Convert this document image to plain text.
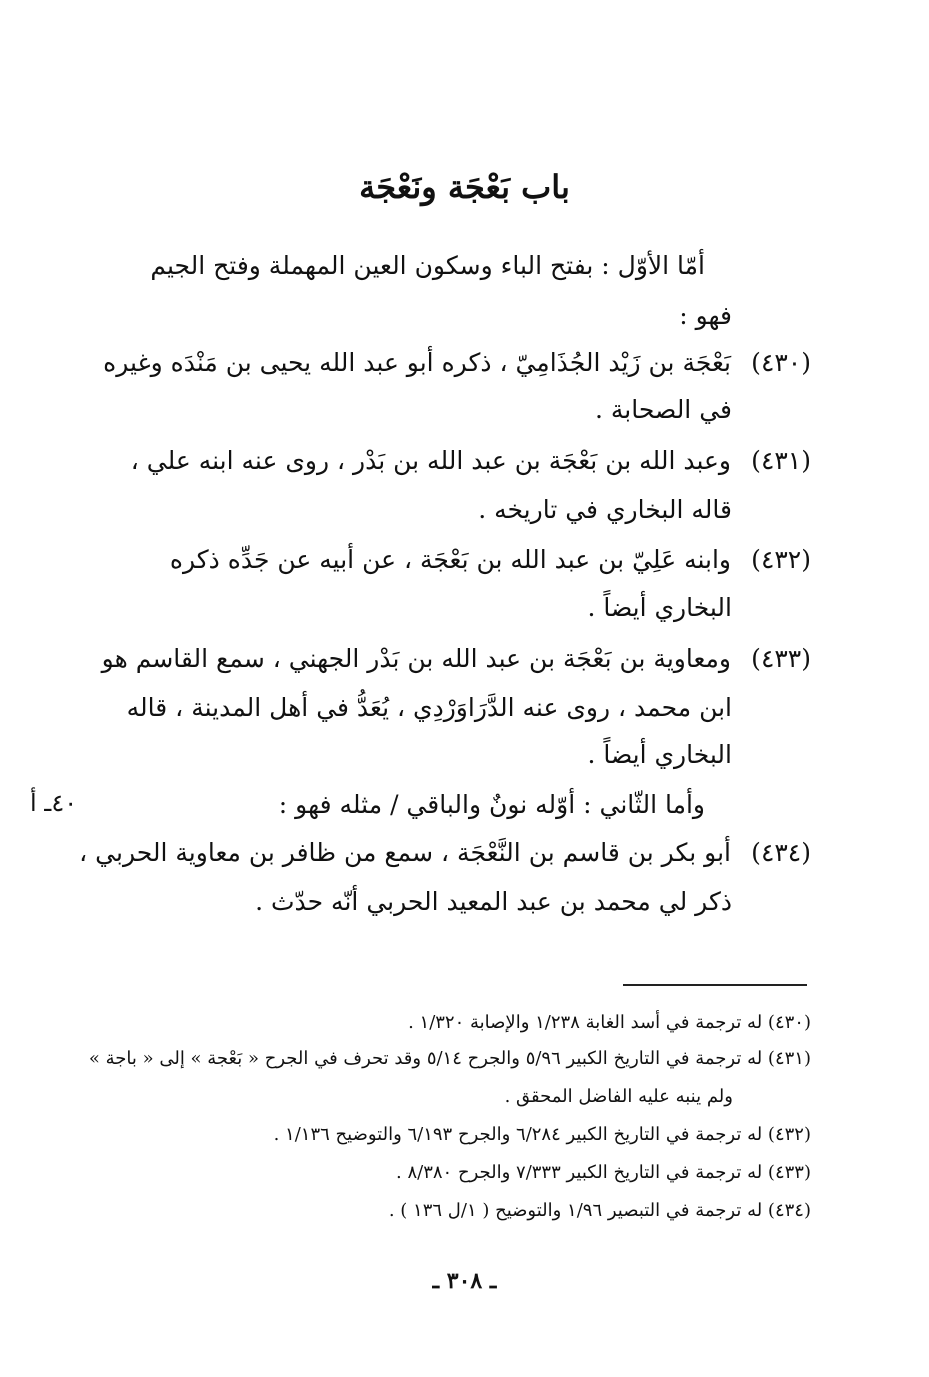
باب بَعْجَة ونَعْجَة
أمّا الأوّل : بفتح الباء وسكون العين المهملة وفتح الجيم
فهو :
(٤٣٠)
بَعْجَة بن زَيْد الجُذَامِيّ ، ذكره أبو عبد الله يحيى بن مَنْدَه وغيره
في الصحابة .
(٤٣١)
وعبد الله بن بَعْجَة بن عبد الله بن بَدْر ، روى عنه ابنه علي ،
قاله البخاري في تاريخه .
(٤٣٢)
وابنه عَلِيّ بن عبد الله بن بَعْجَة ، عن أبيه عن جَدِّه ذكره
البخاري أيضاً .
(٤٣٣)
ومعاوية بن بَعْجَة بن عبد الله بن بَدْر الجهني ، سمع القاسم هو
ابن محمد ، روى عنه الدَّرَاوَرْدِي ، يُعَدُّ في أهل المدينة ، قاله
البخاري أيضاً .
وأما الثّاني : أوّله نونٌ والباقي / مثله فهو :
٤٠ـ أ
(٤٣٤)
أبو بكر بن قاسم بن النَّعْجَة ، سمع من ظافر بن معاوية الحربي ،
ذكر لي محمد بن عبد المعيد الحربي أنّه حدّث .
(٤٣٠) له ترجمة في أسد الغابة ١/٢٣٨ والإصابة ١/٣٢٠ .
(٤٣١) له ترجمة في التاريخ الكبير ٥/٩٦ والجرح ٥/١٤ وقد تحرف في الجرح « بَعْجة » إلى « باجة »
ولم ينبه عليه الفاضل المحقق .
(٤٣٢) له ترجمة في التاريخ الكبير ٦/٢٨٤ والجرح ٦/١٩٣ والتوضيح ١/١٣٦ .
(٤٣٣) له ترجمة في التاريخ الكبير ٧/٣٣٣ والجرح ٨/٣٨٠ .
(٤٣٤) له ترجمة في التبصير ١/٩٦ والتوضيح ( ١/ل ١٣٦ ) .
ـ ٣٠٨ ـ
